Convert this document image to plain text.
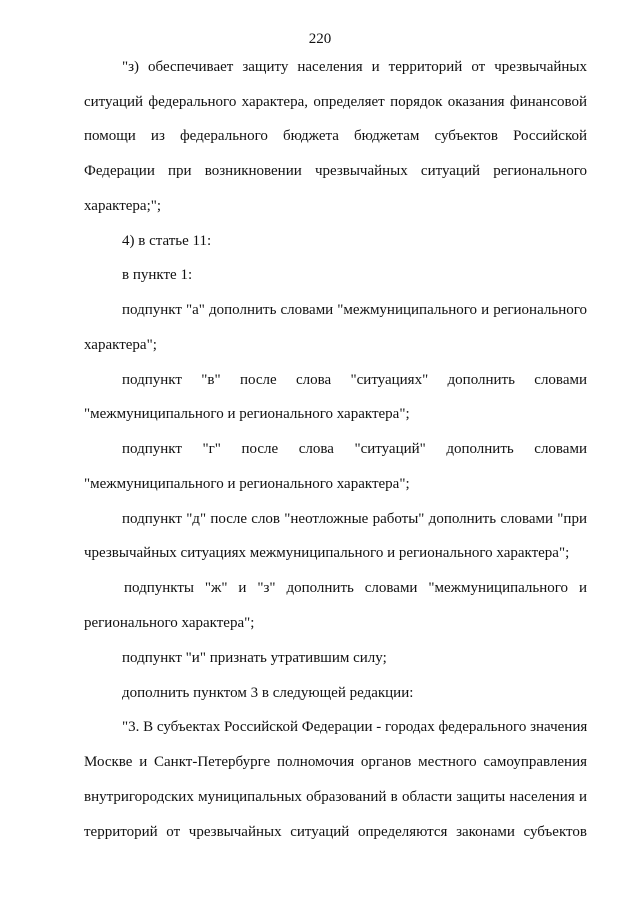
220
"з) обеспечивает защиту населения и территорий от чрезвычайных
ситуаций федерального характера, определяет порядок оказания финансовой
помощи из федерального бюджета бюджетам субъектов Российской
Федерации при возникновении чрезвычайных ситуаций регионального
характера;";
4) в статье 11:
в пункте 1:
подпункт "а" дополнить словами "межмуниципального и регионального
характера";
подпункт "в" после слова "ситуациях" дополнить словами
"межмуниципального и регионального характера";
подпункт "г" после слова "ситуаций" дополнить словами
"межмуниципального и регионального характера";
подпункт "д" после слов "неотложные работы" дополнить словами "при
чрезвычайных ситуациях межмуниципального и регионального характера";
подпункты "ж" и "з" дополнить словами "межмуниципального и
регионального характера";
подпункт "и" признать утратившим силу;
дополнить пунктом 3 в следующей редакции:
"3. В субъектах Российской Федерации - городах федерального значения
Москве и Санкт-Петербурге полномочия органов местного самоуправления
внутригородских муниципальных образований в области защиты населения и
территорий от чрезвычайных ситуаций определяются законами субъектов
